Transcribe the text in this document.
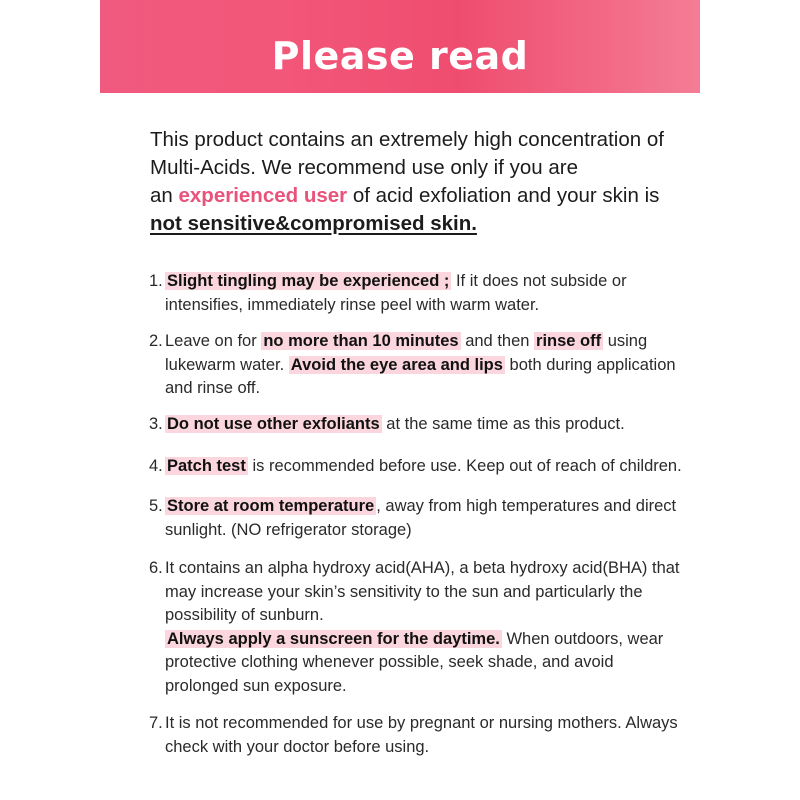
Please read
This product contains an extremely high concentration of
Multi-Acids. We recommend use only if you are
an experienced user of acid exfoliation and your skin is
not sensitive&compromised skin.
1. Slight tingling may be experienced ; If it does not subside or intensifies, immediately rinse peel with warm water.
2. Leave on for no more than 10 minutes and then rinse off using lukewarm water. Avoid the eye area and lips both during application and rinse off.
3. Do not use other exfoliants at the same time as this product.
4. Patch test is recommended before use. Keep out of reach of children.
5. Store at room temperature , away from high temperatures and direct sunlight. (NO refrigerator storage)
6. It contains an alpha hydroxy acid(AHA), a beta hydroxy acid(BHA) that may increase your skin’s sensitivity to the sun and particularly the possibility of sunburn.
Always apply a sunscreen for the daytime. When outdoors, wear protective clothing whenever possible, seek shade, and avoid prolonged sun exposure.
7. It is not recommended for use by pregnant or nursing mothers. Always check with your doctor before using.
